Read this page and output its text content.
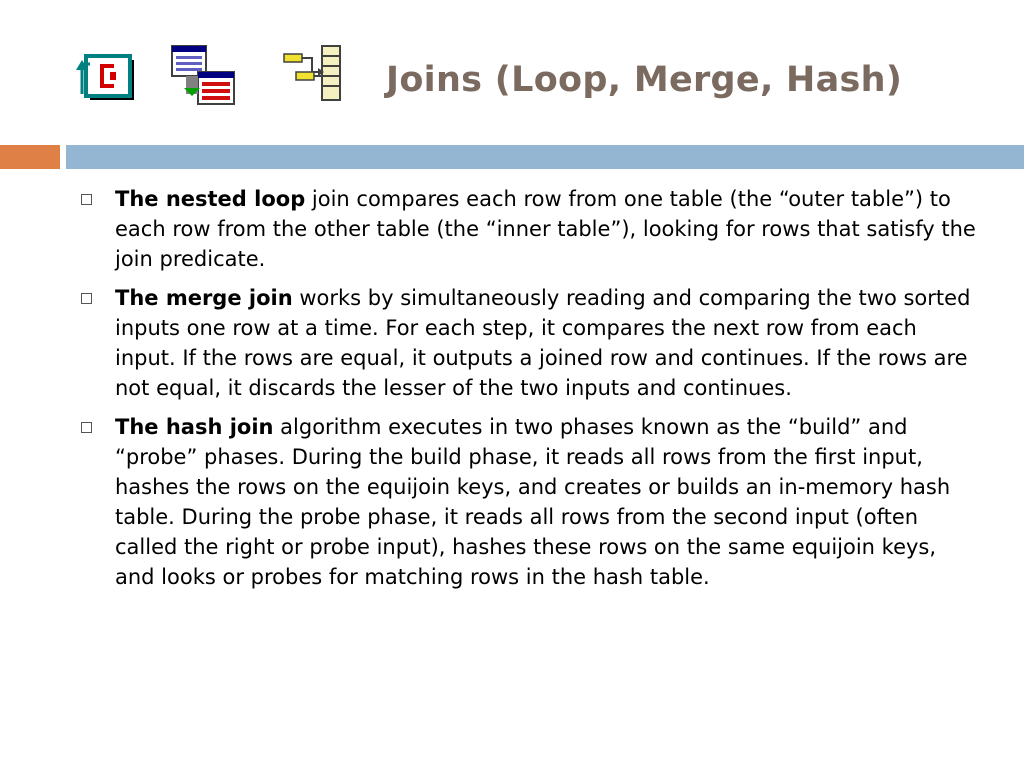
Joins (Loop, Merge, Hash)
The nested loop join compares each row from one table (the “outer table”) to each row from the other table (the “inner table”), looking for rows that satisfy the join predicate.
The merge join works by simultaneously reading and comparing the two sorted inputs one row at a time. For each step, it compares the next row from each input. If the rows are equal, it outputs a joined row and continues. If the rows are not equal, it discards the lesser of the two inputs and continues.
The hash join algorithm executes in two phases known as the “build” and “probe” phases. During the build phase, it reads all rows from the first input, hashes the rows on the equijoin keys, and creates or builds an in-memory hash table. During the probe phase, it reads all rows from the second input (often called the right or probe input), hashes these rows on the same equijoin keys, and looks or probes for matching rows in the hash table.
